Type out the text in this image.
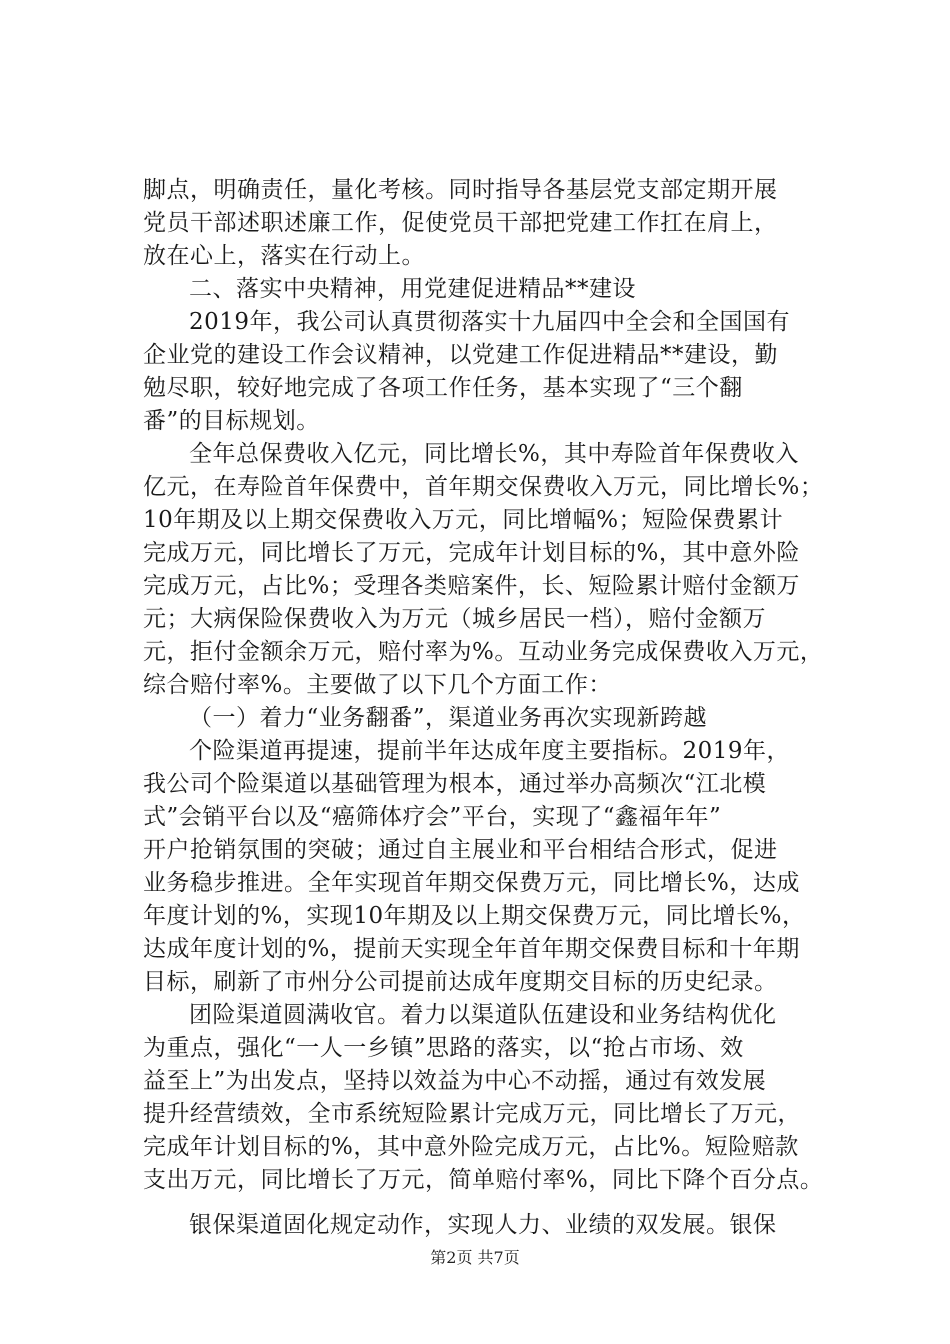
脚点，明确责任，量化考核。同时指导各基层党支部定期开展
党员干部述职述廉工作，促使党员干部把党建工作扛在肩上，
放在心上，落实在行动上。
二、落实中央精神，用党建促进精品**建设
2019年，我公司认真贯彻落实十九届四中全会和全国国有
企业党的建设工作会议精神，以党建工作促进精品**建设，勤
勉尽职，较好地完成了各项工作任务，基本实现了“三个翻
番”的目标规划。
全年总保费收入亿元，同比增长%，其中寿险首年保费收入
亿元，在寿险首年保费中，首年期交保费收入万元，同比增长%；
10年期及以上期交保费收入万元，同比增幅%；短险保费累计
完成万元，同比增长了万元，完成年计划目标的%，其中意外险
完成万元，占比%；受理各类赔案件，长、短险累计赔付金额万
元；大病保险保费收入为万元（城乡居民一档），赔付金额万
元，拒付金额余万元，赔付率为%。互动业务完成保费收入万元，
综合赔付率%。主要做了以下几个方面工作：
（一）着力“业务翻番”，渠道业务再次实现新跨越
个险渠道再提速，提前半年达成年度主要指标。2019年，
我公司个险渠道以基础管理为根本，通过举办高频次“江北模
式”会销平台以及“癌筛体疗会”平台，实现了“鑫福年年”
开户抢销氛围的突破；通过自主展业和平台相结合形式，促进
业务稳步推进。全年实现首年期交保费万元，同比增长%，达成
年度计划的%，实现10年期及以上期交保费万元，同比增长%，
达成年度计划的%，提前天实现全年首年期交保费目标和十年期
目标，刷新了市州分公司提前达成年度期交目标的历史纪录。
团险渠道圆满收官。着力以渠道队伍建设和业务结构优化
为重点，强化“一人一乡镇”思路的落实，以“抢占市场、效
益至上”为出发点，坚持以效益为中心不动摇，通过有效发展
提升经营绩效，全市系统短险累计完成万元，同比增长了万元，
完成年计划目标的%，其中意外险完成万元，占比%。短险赔款
支出万元，同比增长了万元，简单赔付率%，同比下降个百分点。
银保渠道固化规定动作，实现人力、业绩的双发展。银保
第2页 共7页
